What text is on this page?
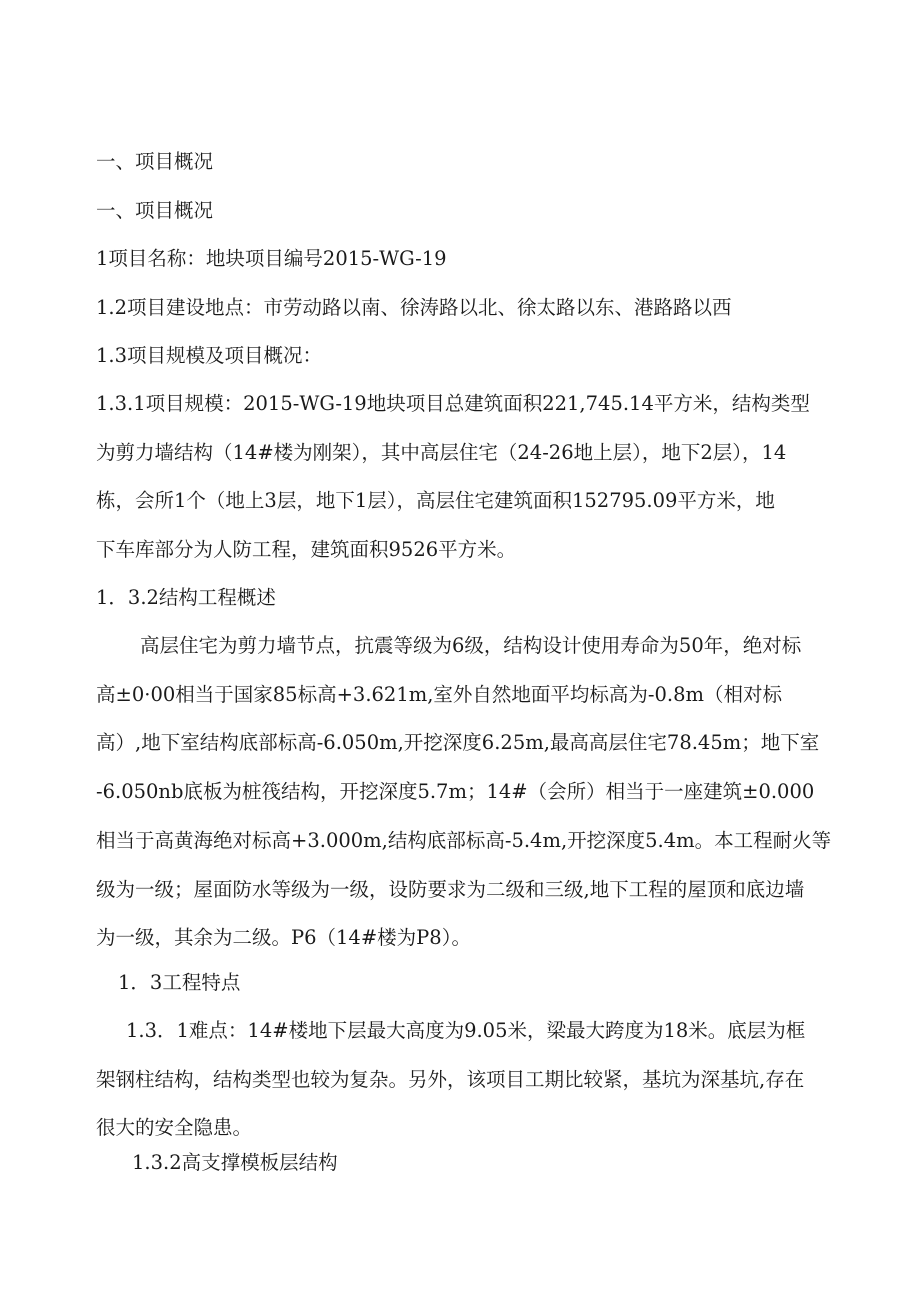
一、项目概况
一、项目概况
1项目名称：地块项目编号2015-WG-19
1.2项目建设地点：市劳动路以南、徐涛路以北、徐太路以东、港路路以西
1.3项目规模及项目概况：
1.3.1项目规模：2015-WG-19地块项目总建筑面积221,745.14平方米，结构类型
为剪力墙结构（14#楼为刚架），其中高层住宅（24-26地上层），地下2层），14
栋，会所1个（地上3层，地下1层），高层住宅建筑面积152795.09平方米，地
下车库部分为人防工程，建筑面积9526平方米。
1．3.2结构工程概述
高层住宅为剪力墙节点，抗震等级为6级，结构设计使用寿命为50年，绝对标
高±0·00相当于国家85标高+3.621m,室外自然地面平均标高为-0.8m（相对标
高）,地下室结构底部标高-6.050m,开挖深度6.25m,最高高层住宅78.45m；地下室
-6.050nb底板为桩筏结构，开挖深度5.7m；14#（会所）相当于一座建筑±0.000
相当于高黄海绝对标高+3.000m,结构底部标高-5.4m,开挖深度5.4m。本工程耐火等
级为一级；屋面防水等级为一级，设防要求为二级和三级,地下工程的屋顶和底边墙
为一级，其余为二级。P6（14#楼为P8）。
1．3工程特点
1.3．1难点：14#楼地下层最大高度为9.05米，梁最大跨度为18米。底层为框
架钢柱结构，结构类型也较为复杂。另外，该项目工期比较紧，基坑为深基坑,存在
很大的安全隐患。
1.3.2高支撑模板层结构
